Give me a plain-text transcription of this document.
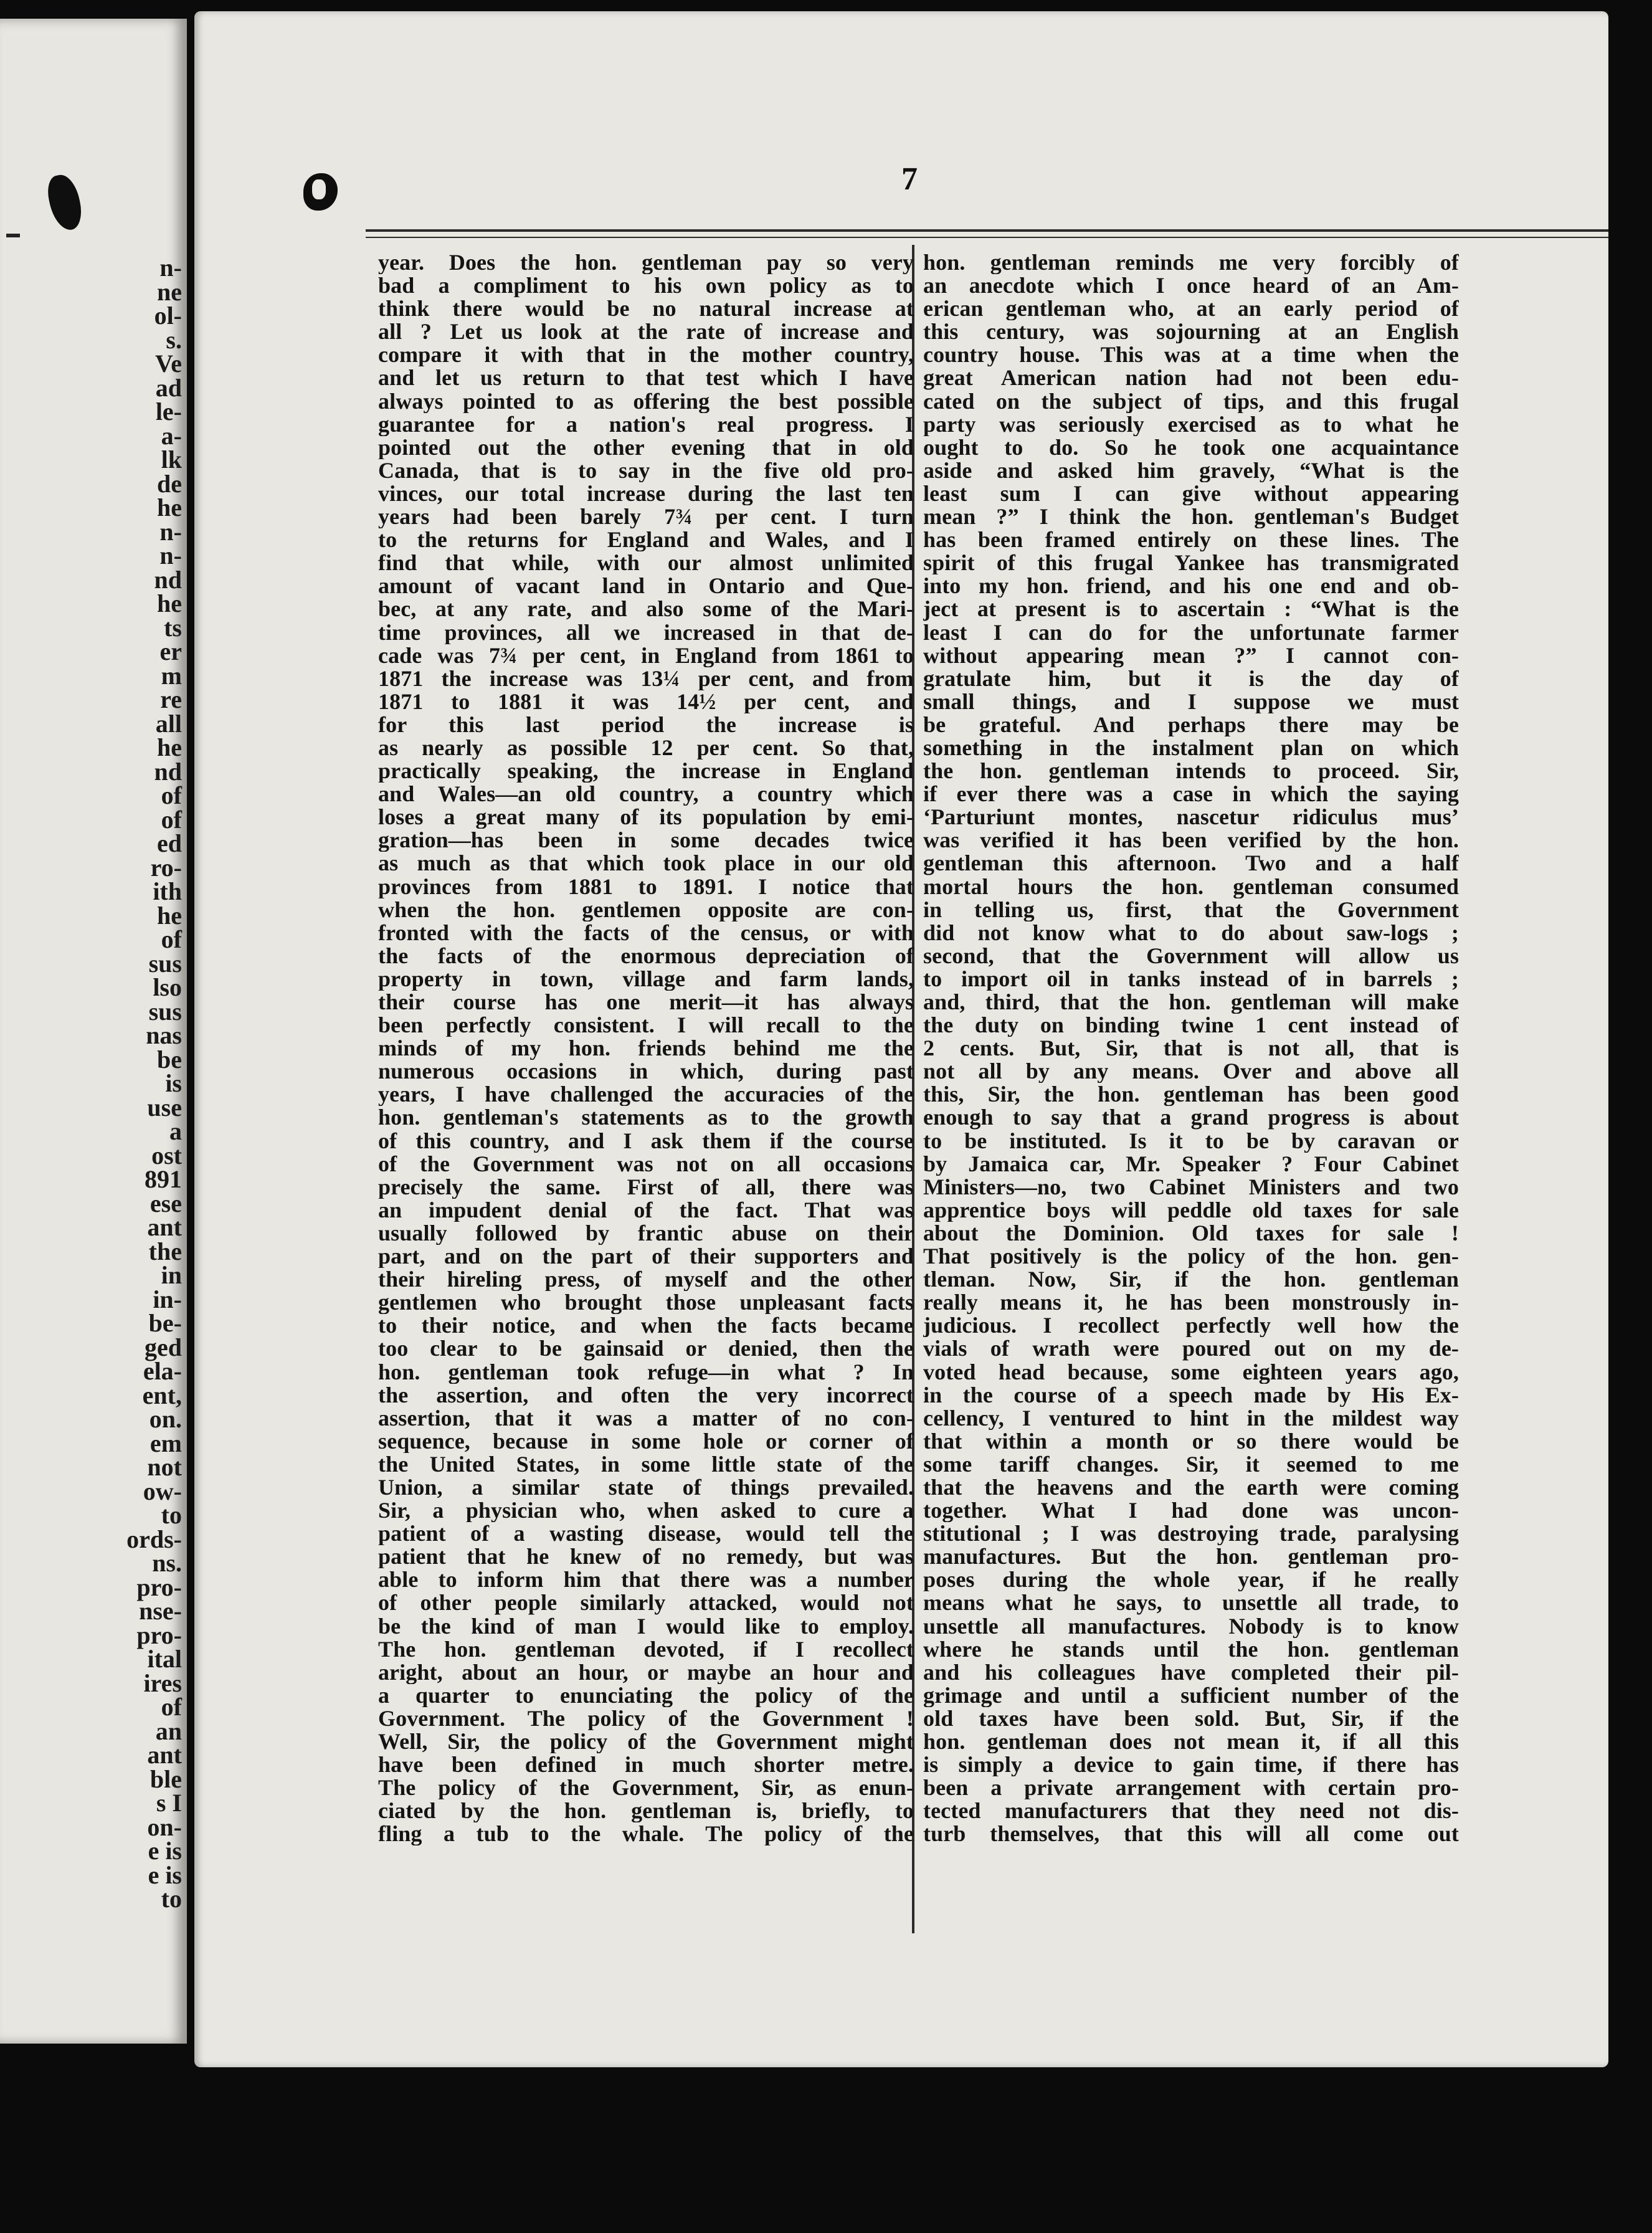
n-
ne
ol-
s.
Ve
ad
le-
a-
lk
de
he
n-
n-
nd
he
ts
er
m
re
all
he
nd
of
of
ed
ro-
ith
he
of
sus
lso
sus
nas
be
is
use
a
ost
891
ese
ant
the
in
in-
be-
ged
ela-
ent,
on.
em
not
ow-
to
ords-
ns.
pro-
nse-
pro-
ital
ires
of
an
ant
ble
s I
on-
e is
e is
to
7
year. Does the hon. gentleman pay so very
bad a compliment to his own policy as to
think there would be no natural increase at
all ? Let us look at the rate of increase and
compare it with that in the mother country,
and let us return to that test which I have
always pointed to as offering the best possible
guarantee for a nation's real progress. I
pointed out the other evening that in old
Canada, that is to say in the five old pro-
vinces, our total increase during the last ten
years had been barely 7¾ per cent. I turn
to the returns for England and Wales, and I
find that while, with our almost unlimited
amount of vacant land in Ontario and Que-
bec, at any rate, and also some of the Mari-
time provinces, all we increased in that de-
cade was 7¾ per cent, in England from 1861 to
1871 the increase was 13¼ per cent, and from
1871 to 1881 it was 14½ per cent, and
for this last period the increase is
as nearly as possible 12 per cent. So that,
practically speaking, the increase in England
and Wales—an old country, a country which
loses a great many of its population by emi-
gration—has been in some decades twice
as much as that which took place in our old
provinces from 1881 to 1891. I notice that
when the hon. gentlemen opposite are con-
fronted with the facts of the census, or with
the facts of the enormous depreciation of
property in town, village and farm lands,
their course has one merit—it has always
been perfectly consistent. I will recall to the
minds of my hon. friends behind me the
numerous occasions in which, during past
years, I have challenged the accuracies of the
hon. gentleman's statements as to the growth
of this country, and I ask them if the course
of the Government was not on all occasions
precisely the same. First of all, there was
an impudent denial of the fact. That was
usually followed by frantic abuse on their
part, and on the part of their supporters and
their hireling press, of myself and the other
gentlemen who brought those unpleasant facts
to their notice, and when the facts became
too clear to be gainsaid or denied, then the
hon. gentleman took refuge—in what ? In
the assertion, and often the very incorrect
assertion, that it was a matter of no con-
sequence, because in some hole or corner of
the United States, in some little state of the
Union, a similar state of things prevailed.
Sir, a physician who, when asked to cure a
patient of a wasting disease, would tell the
patient that he knew of no remedy, but was
able to inform him that there was a number
of other people similarly attacked, would not
be the kind of man I would like to employ.
The hon. gentleman devoted, if I recollect
aright, about an hour, or maybe an hour and
a quarter to enunciating the policy of the
Government. The policy of the Government !
Well, Sir, the policy of the Government might
have been defined in much shorter metre.
The policy of the Government, Sir, as enun-
ciated by the hon. gentleman is, briefly, to
fling a tub to the whale. The policy of the
hon. gentleman reminds me very forcibly of
an anecdote which I once heard of an Am-
erican gentleman who, at an early period of
this century, was sojourning at an English
country house. This was at a time when the
great American nation had not been edu-
cated on the subject of tips, and this frugal
party was seriously exercised as to what he
ought to do. So he took one acquaintance
aside and asked him gravely, “What is the
least sum I can give without appearing
mean ?” I think the hon. gentleman's Budget
has been framed entirely on these lines. The
spirit of this frugal Yankee has transmigrated
into my hon. friend, and his one end and ob-
ject at present is to ascertain : “What is the
least I can do for the unfortunate farmer
without appearing mean ?” I cannot con-
gratulate him, but it is the day of
small things, and I suppose we must
be grateful. And perhaps there may be
something in the instalment plan on which
the hon. gentleman intends to proceed. Sir,
if ever there was a case in which the saying
‘Parturiunt montes, nascetur ridiculus mus’
was verified it has been verified by the hon.
gentleman this afternoon. Two and a half
mortal hours the hon. gentleman consumed
in telling us, first, that the Government
did not know what to do about saw-logs ;
second, that the Government will allow us
to import oil in tanks instead of in barrels ;
and, third, that the hon. gentleman will make
the duty on binding twine 1 cent instead of
2 cents. But, Sir, that is not all, that is
not all by any means. Over and above all
this, Sir, the hon. gentleman has been good
enough to say that a grand progress is about
to be instituted. Is it to be by caravan or
by Jamaica car, Mr. Speaker ? Four Cabinet
Ministers—no, two Cabinet Ministers and two
apprentice boys will peddle old taxes for sale
about the Dominion. Old taxes for sale !
That positively is the policy of the hon. gen-
tleman. Now, Sir, if the hon. gentleman
really means it, he has been monstrously in-
judicious. I recollect perfectly well how the
vials of wrath were poured out on my de-
voted head because, some eighteen years ago,
in the course of a speech made by His Ex-
cellency, I ventured to hint in the mildest way
that within a month or so there would be
some tariff changes. Sir, it seemed to me
that the heavens and the earth were coming
together. What I had done was uncon-
stitutional ; I was destroying trade, paralysing
manufactures. But the hon. gentleman pro-
poses during the whole year, if he really
means what he says, to unsettle all trade, to
unsettle all manufactures. Nobody is to know
where he stands until the hon. gentleman
and his colleagues have completed their pil-
grimage and until a sufficient number of the
old taxes have been sold. But, Sir, if the
hon. gentleman does not mean it, if all this
is simply a device to gain time, if there has
been a private arrangement with certain pro-
tected manufacturers that they need not dis-
turb themselves, that this will all come out
